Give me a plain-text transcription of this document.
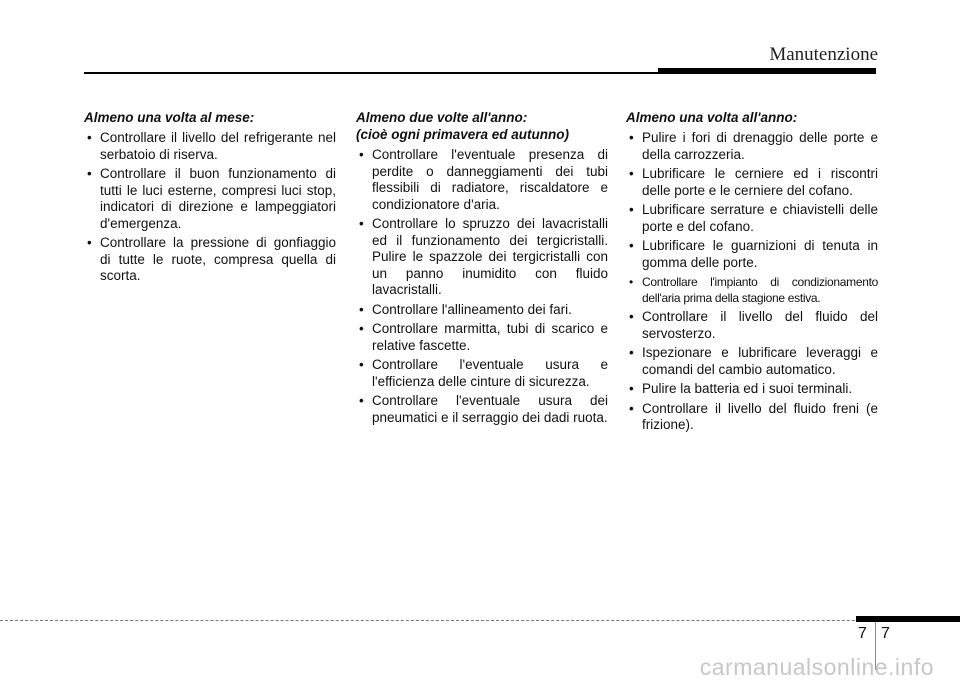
Manutenzione
Almeno una volta al mese:
• Controllare il livello del refrigerante nel serbatoio di riserva.
• Controllare il buon funzionamento di tutti le luci esterne, compresi luci stop, indicatori di direzione e lampeggiatori d'emergenza.
• Controllare la pressione di gonfiaggio di tutte le ruote, compresa quella di scorta.
Almeno due volte all'anno:
(cioè ogni primavera ed autunno)
• Controllare l'eventuale presenza di perdite o danneggiamenti dei tubi flessibili di radiatore, riscaldatore e condizionatore d'aria.
• Controllare lo spruzzo dei lavacristalli ed il funzionamento dei tergicristalli. Pulire le spazzole dei tergicristalli con un panno inumidito con fluido lavacristalli.
• Controllare l'allineamento dei fari.
• Controllare marmitta, tubi di scarico e relative fascette.
• Controllare l'eventuale usura e l'efficienza delle cinture di sicurezza.
• Controllare l'eventuale usura dei pneumatici e il serraggio dei dadi ruota.
Almeno una volta all'anno:
• Pulire i fori di drenaggio delle porte e della carrozzeria.
• Lubrificare le cerniere ed i riscontri delle porte e le cerniere del cofano.
• Lubrificare serrature e chiavistelli delle porte e del cofano.
• Lubrificare le guarnizioni di tenuta in gomma delle porte.
• Controllare l'impianto di condizionamento dell'aria prima della stagione estiva.
• Controllare il livello del fluido del servosterzo.
• Ispezionare e lubrificare leveraggi e comandi del cambio automatico.
• Pulire la batteria ed i suoi terminali.
• Controllare il livello del fluido freni (e frizione).
7 7
carmanualsonline.info
